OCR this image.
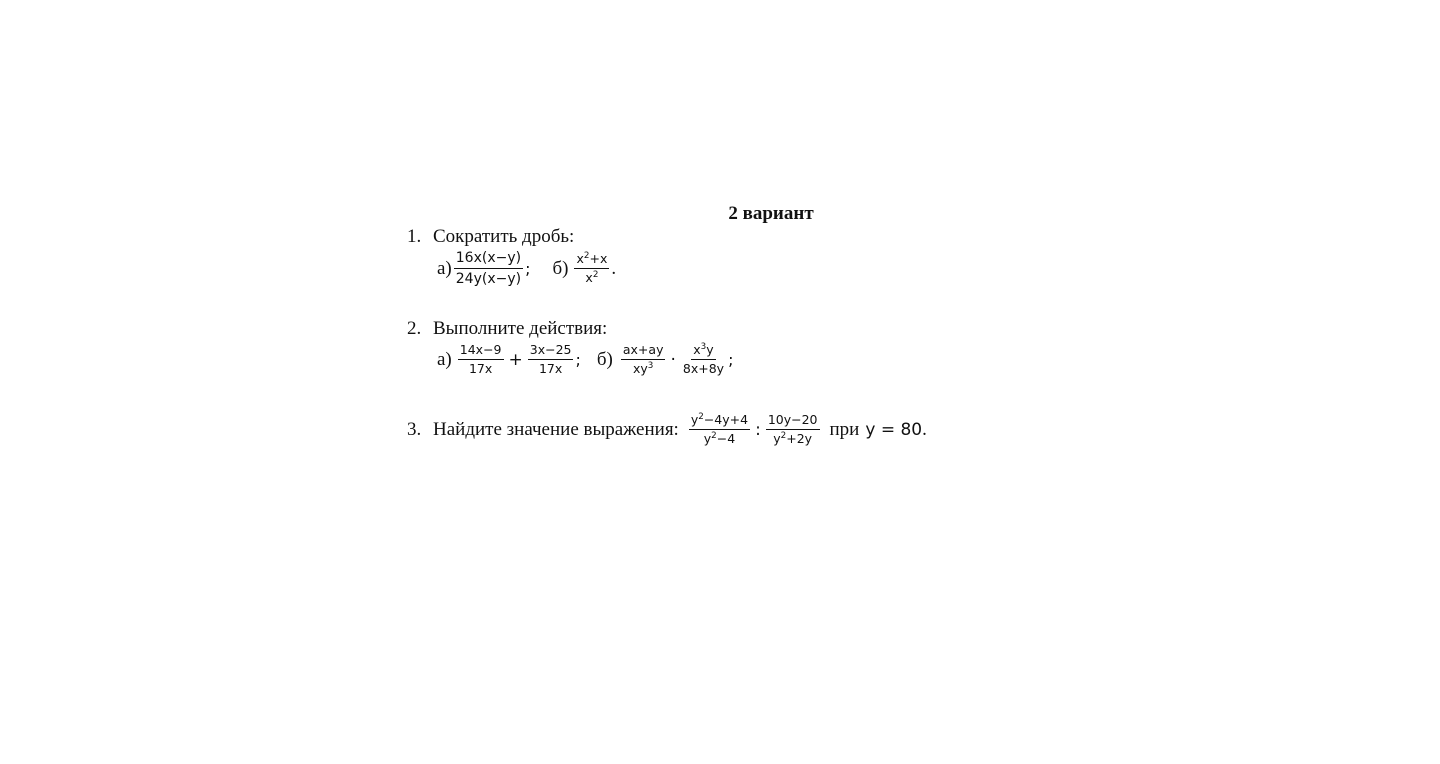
2 вариант
1. Сократить дробь:
$а) \frac{16x(x-y)}{24y(x-y)}$ ; $б) \frac{x^2+x}{x^2}$ .
2. Выполните действия:
$а) \frac{14x-9}{17x} + \frac{3x-25}{17x}$ ; $б) \frac{ax+ay}{xy^3} \cdot \frac{x^3y}{8x+8y}$ ;
3. Найдите значение выражения: $\frac{y^2-4y+4}{y^2-4}$ : $\frac{10y-20}{y^2+2y}$ при y = 80 .
